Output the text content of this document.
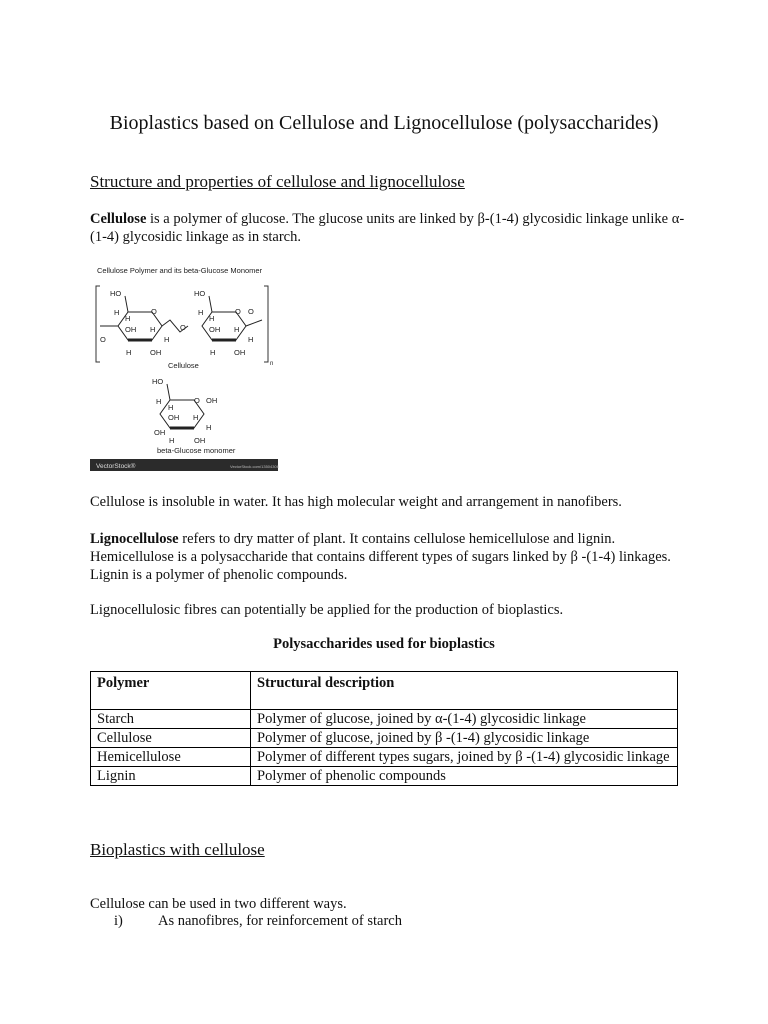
Bioplastics based on Cellulose and Lignocellulose (polysaccharides)
Structure and properties of cellulose and lignocellulose
Cellulose is a polymer of glucose. The glucose units are linked by β-(1-4) glycosidic linkage unlike α-(1-4) glycosidic linkage as in starch.
Cellulose Polymer and its beta-Glucose Monomer
n
HO
H
H
O
OH H
H
H OH
O
O
HO
H
H
O O
OH H
H
H OH
Cellulose
HO
H
H
O OH
OH H
H
OH
H	OH
beta-Glucose monomer
VectorStock®	VectorStock.com/13504306
Cellulose is insoluble in water. It has high molecular weight and arrangement in nanofibers.
Lignocellulose refers to dry matter of plant. It contains cellulose hemicellulose and lignin. Hemicellulose is a polysaccharide that contains different types of sugars linked by β -(1-4) linkages. Lignin is a polymer of phenolic compounds.
Lignocellulosic fibres can potentially be applied for the production of bioplastics.
Polysaccharides used for bioplastics
Polymer	Structural description
Starch	Polymer of glucose, joined by α-(1-4) glycosidic linkage
Cellulose	Polymer of glucose, joined by β -(1-4) glycosidic linkage
Hemicellulose	Polymer of different types sugars, joined by β -(1-4) glycosidic linkage
Lignin	Polymer of phenolic compounds
Bioplastics with cellulose
Cellulose can be used in two different ways.
i) As nanofibres, for reinforcement of starch
